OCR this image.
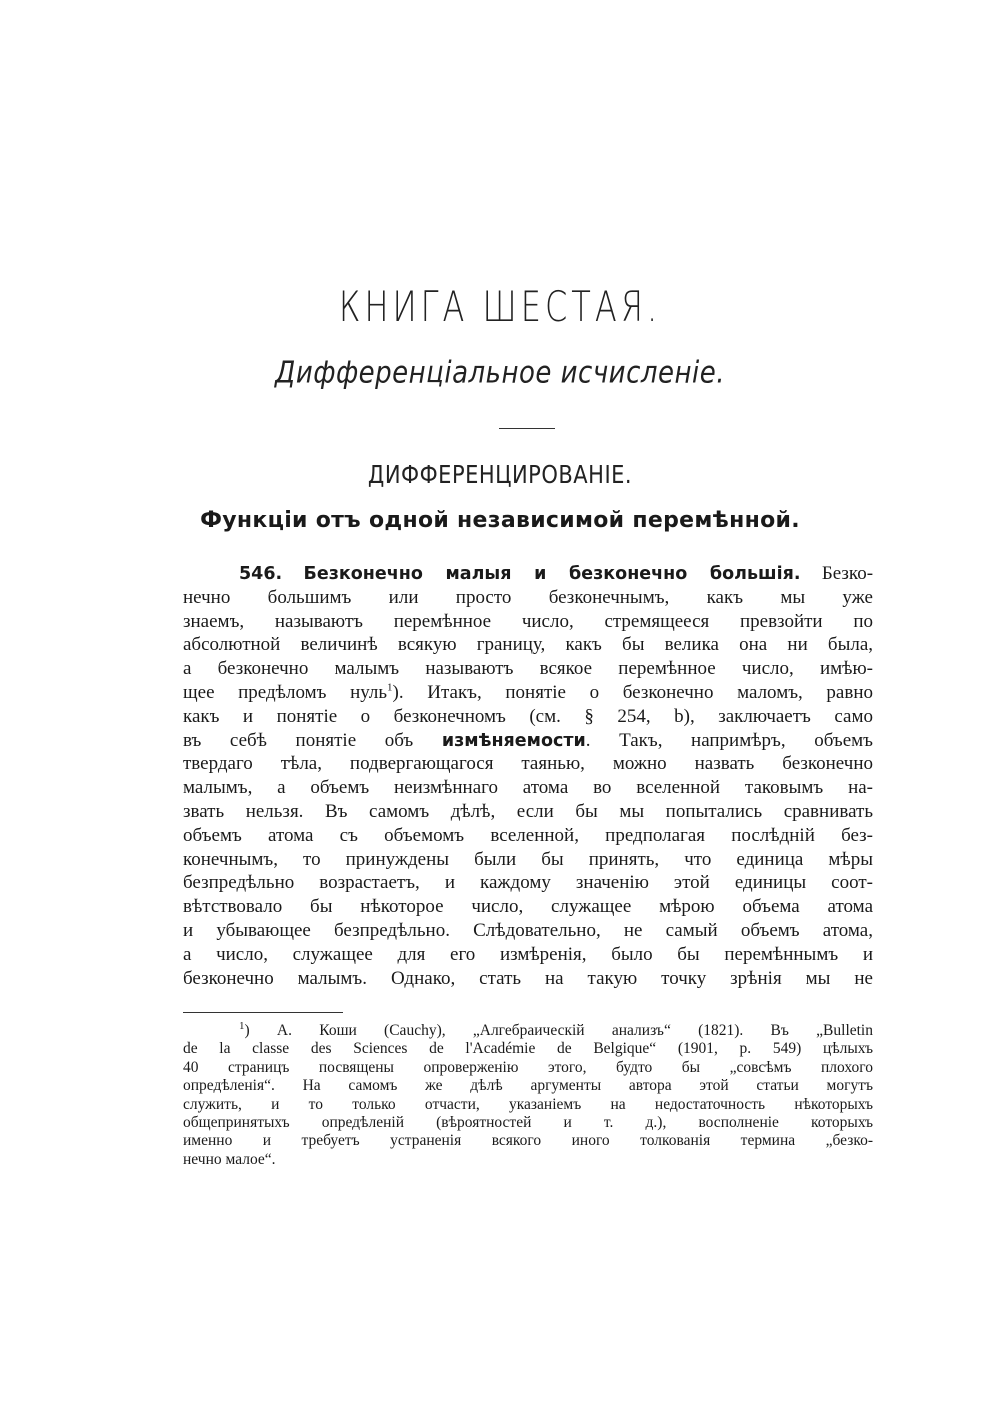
КНИГА ШЕСТАЯ.
Дифференціальное исчисленіе.
ДИФФЕРЕНЦИРОВАНІЕ.
Функціи отъ одной независимой перемѣнной.
546. Безконечно малыя и безконечно большія. Безко-
нечно большимъ или просто безконечнымъ, какъ мы уже
знаемъ, называютъ перемѣнное число, стремящееся превзойти по
абсолютной величинѣ всякую границу, какъ бы велика она ни была,
а безконечно малымъ называютъ всякое перемѣнное число, имѣю-
щее предѣломъ нуль$^1$). Итакъ, понятіе о безконечно маломъ, равно
какъ и понятіе о безконечномъ (см. § 254, b), заключаетъ само
въ себѣ понятіе объ измѣняемости. Такъ, напримѣръ, объемъ
твердаго тѣла, подвергающагося таянью, можно назвать безконечно
малымъ, а объемъ неизмѣннаго атома во вселенной таковымъ на-
звать нельзя. Въ самомъ дѣлѣ, если бы мы попытались сравнивать
объемъ атома съ объемомъ вселенной, предполагая послѣдній без-
конечнымъ, то принуждены были бы принять, что единица мѣры
безпредѣльно возрастаетъ, и каждому значенію этой единицы соот-
вѣтствовало бы нѣкоторое число, служащее мѣрою объема атома
и убывающее безпредѣльно. Слѣдовательно, не самый объемъ атома,
а число, служащее для его измѣренія, было бы перемѣннымъ и
безконечно малымъ. Однако, стать на такую точку зрѣнія мы не
$^1$) А. Коши (Cauchy), „Алгебраическій анализъ“ (1821). Въ „Bulletin
de la classe des Sciences de l'Académie de Belgique“ (1901, p. 549) цѣлыхъ
40 страницъ посвящены опроверженію этого, будто бы „совсѣмъ плохого
опредѣленія“. На самомъ же дѣлѣ аргументы автора этой статьи могутъ
служить, и то только отчасти, указаніемъ на недостаточность нѣкоторыхъ
общепринятыхъ опредѣленій (вѣроятностей и т. д.), восполненіе которыхъ
именно и требуетъ устраненія всякого иного толкованія термина „безко-
нечно малое“.
